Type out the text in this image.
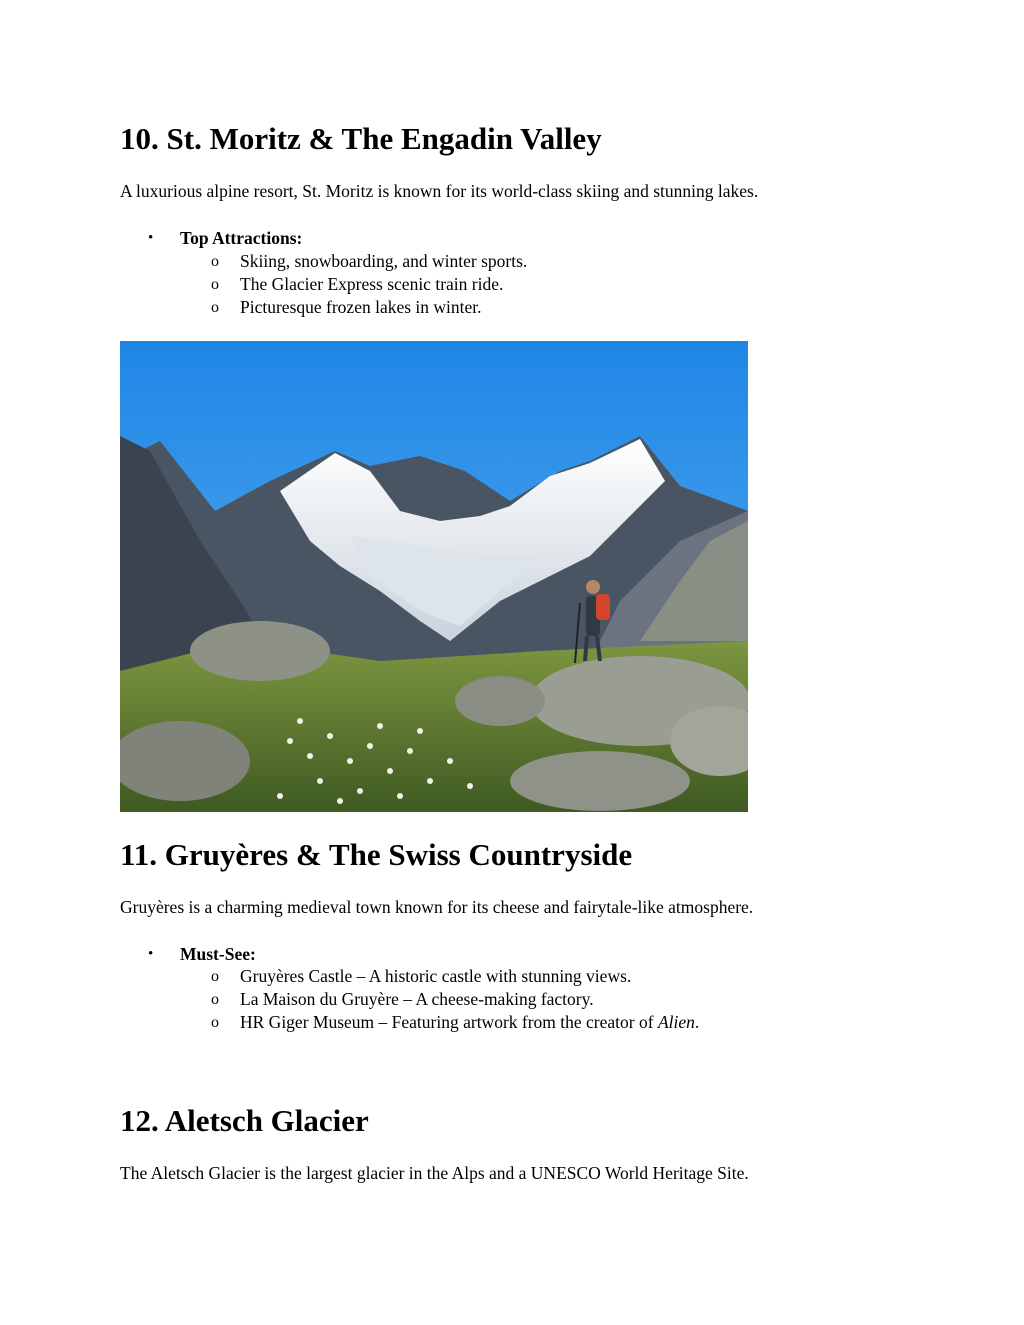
10. St. Moritz & The Engadin Valley

A luxurious alpine resort, St. Moritz is known for its world-class skiing and stunning lakes.

• Top Attractions:
o Skiing, snowboarding, and winter sports.
o The Glacier Express scenic train ride.
o Picturesque frozen lakes in winter.
11. Gruyères & The Swiss Countryside

Gruyères is a charming medieval town known for its cheese and fairytale-like atmosphere.

• Must-See:
o Gruyères Castle – A historic castle with stunning views.
o La Maison du Gruyère – A cheese-making factory.
o HR Giger Museum – Featuring artwork from the creator of Alien.
12. Aletsch Glacier

The Aletsch Glacier is the largest glacier in the Alps and a UNESCO World Heritage Site.
